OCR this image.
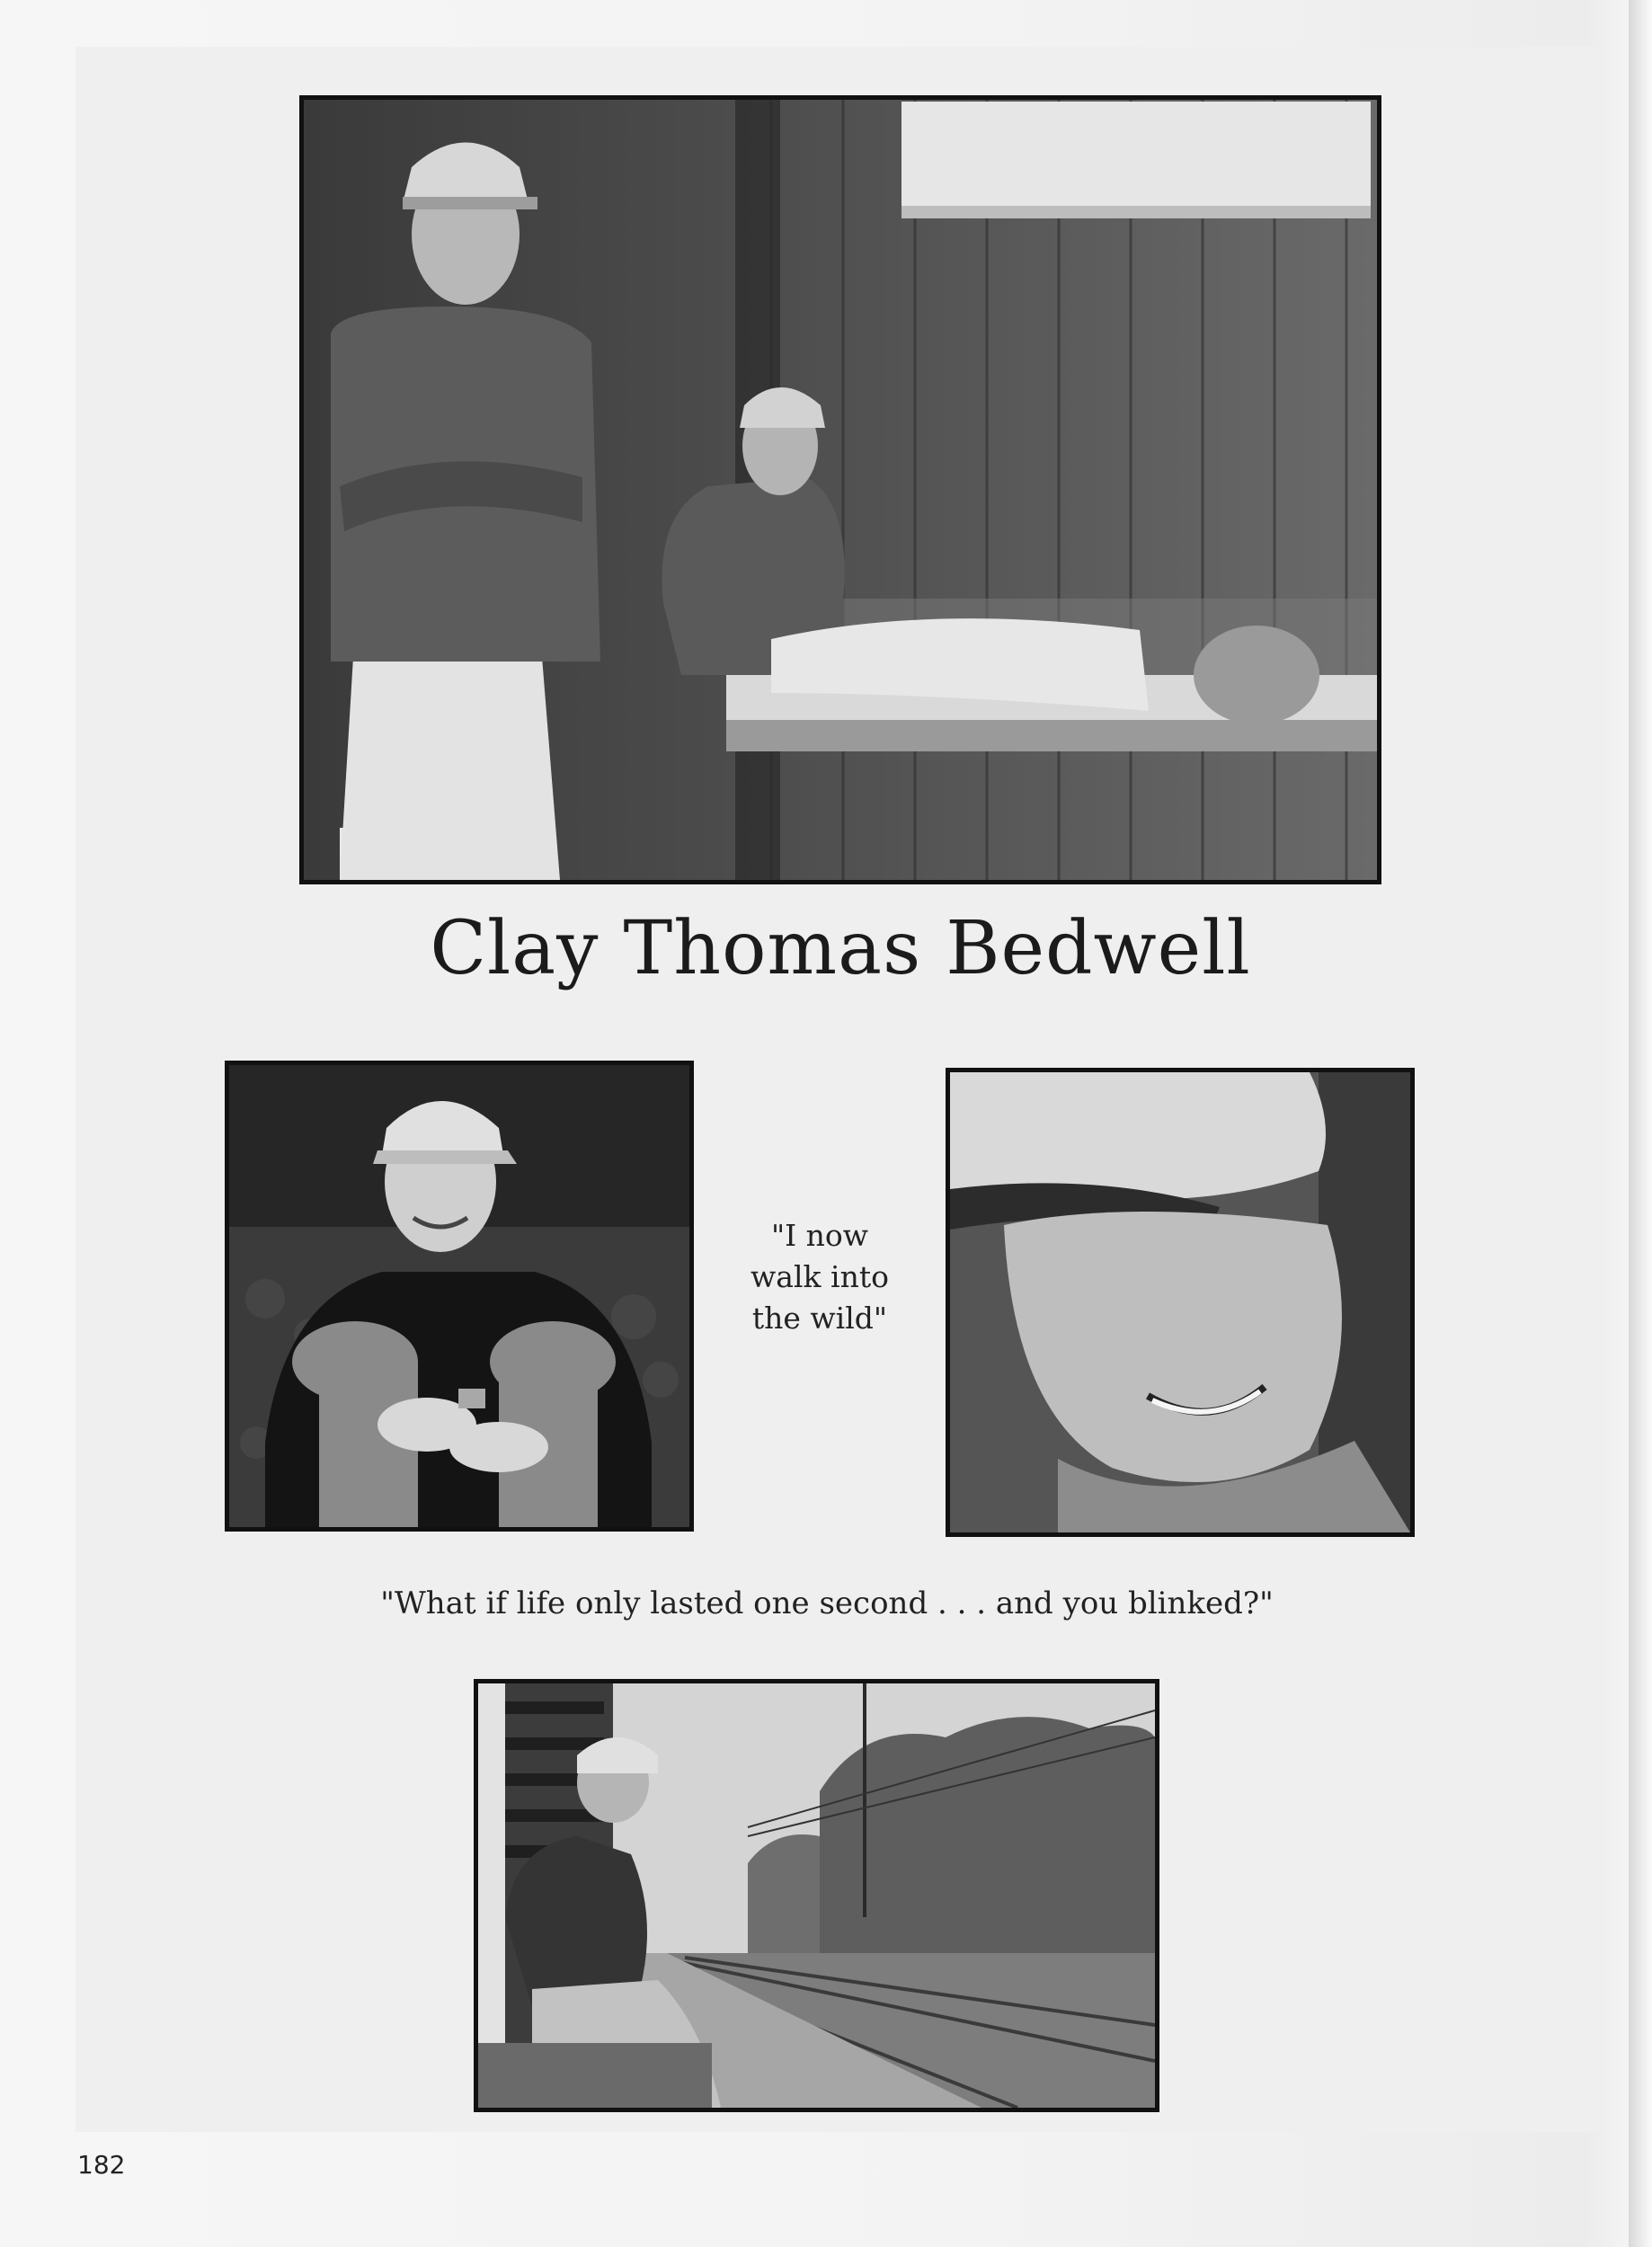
Clay Thomas Bedwell
"I now
walk into
the wild"
"What if life only lasted one second . . . and you blinked?"
182
